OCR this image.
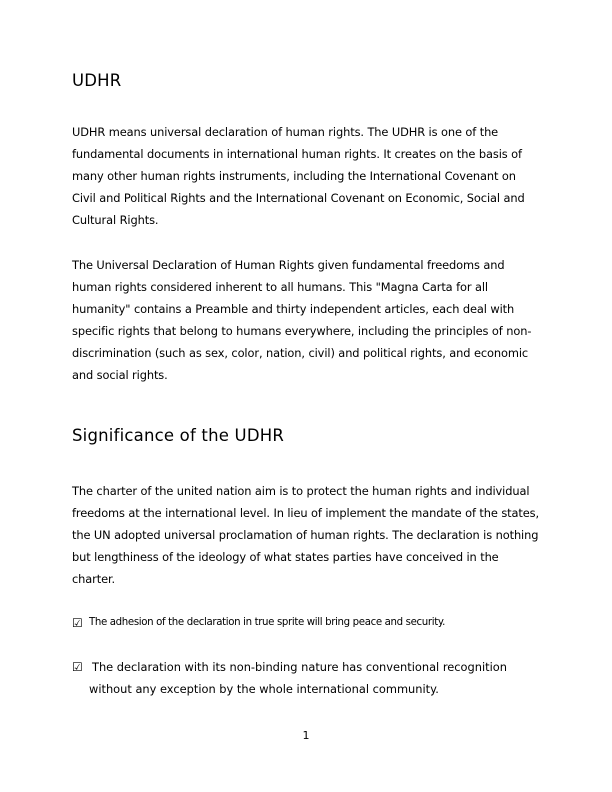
UDHR

UDHR means universal declaration of human rights. The UDHR is one of the fundamental documents in international human rights. It creates on the basis of many other human rights instruments, including the International Covenant on Civil and Political Rights and the International Covenant on Economic, Social and Cultural Rights.

The Universal Declaration of Human Rights given fundamental freedoms and human rights considered inherent to all humans. This "Magna Carta for all humanity" contains a Preamble and thirty independent articles, each deal with specific rights that belong to humans everywhere, including the principles of non-discrimination (such as sex, color, nation, civil) and political rights, and economic and social rights.

Significance of the UDHR

The charter of the united nation aim is to protect the human rights and individual freedoms at the international level. In lieu of implement the mandate of the states, the UN adopted universal proclamation of human rights. The declaration is nothing but lengthiness of the ideology of what states parties have conceived in the charter.

☑ The adhesion of the declaration in true sprite will bring peace and security.
☑ The declaration with its non-binding nature has conventional recognition
without any exception by the whole international community.
1
